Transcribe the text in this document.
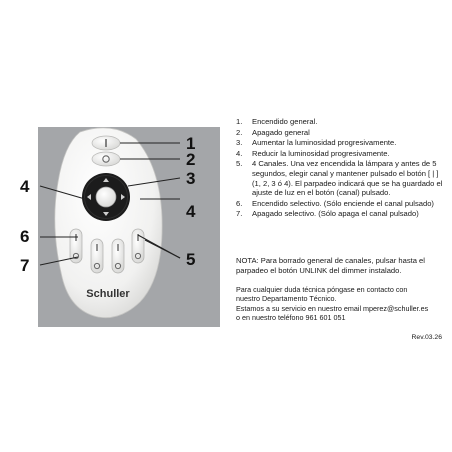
Schuller
1
2
3
4
4
6
7	5
1.	Encendido general.
2.	Apagado general
3.	Aumentar la luminosidad progresivamente.
4.	Reducir la luminosidad progresivamente.
5.	4 Canales. Una vez encendida la lámpara y antes de 5 segundos, elegir canal y mantener pulsado el botón [ | ] (1, 2, 3 ó 4). El parpadeo indicará que se ha guardado el ajuste de luz en el botón (canal) pulsado.
6.	Encendido selectivo. (Sólo enciende el canal pulsado)
7.	Apagado selectivo. (Sólo apaga el canal pulsado)
NOTA: Para borrado general de canales, pulsar hasta el parpadeo el botón UNLINK del dimmer instalado.
Para cualquier duda técnica póngase en contacto con
nuestro Departamento Técnico.
Estamos a su servicio en nuestro email mperez@schuller.es
o en nuestro teléfono 961 601 051
Rev.03.26
